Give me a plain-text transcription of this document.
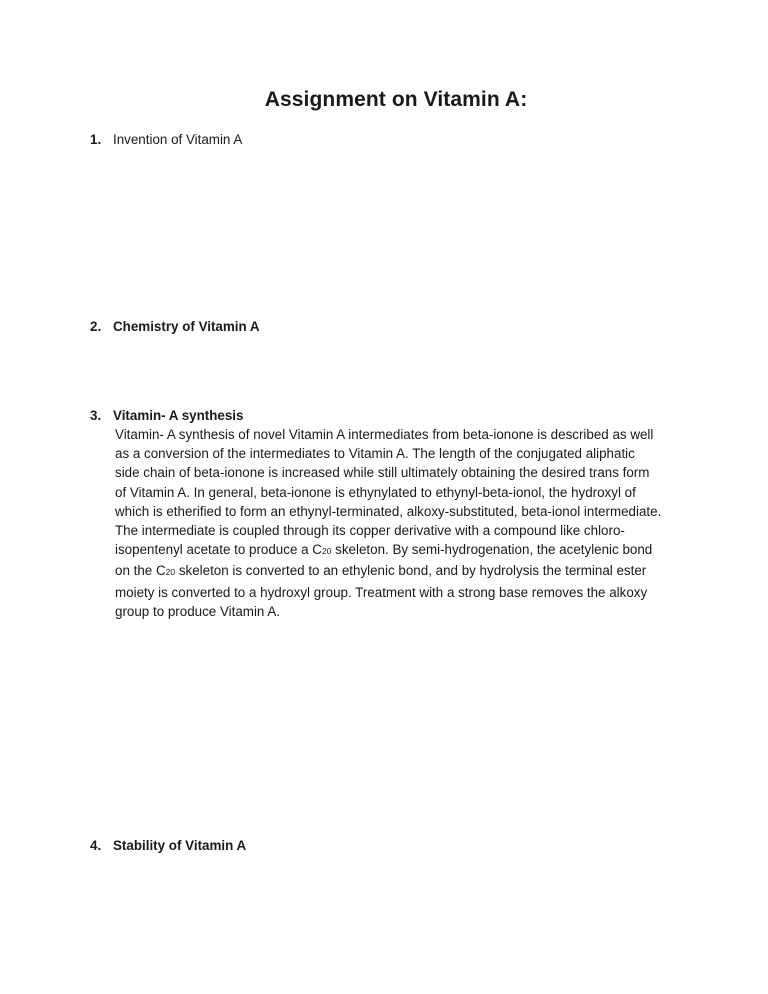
Assignment on Vitamin A:
1. Invention of Vitamin A
2. Chemistry of Vitamin A
3. Vitamin- A synthesis
Vitamin- A synthesis of novel Vitamin A intermediates from beta-ionone is described as well
as a conversion of the intermediates to Vitamin A. The length of the conjugated aliphatic
side chain of beta-ionone is increased while still ultimately obtaining the desired trans form
of Vitamin A. In general, beta-ionone is ethynylated to ethynyl-beta-ionol, the hydroxyl of
which is etherified to form an ethynyl-terminated, alkoxy-substituted, beta-ionol intermediate.
The intermediate is coupled through its copper derivative with a compound like chloro-
isopentenyl acetate to produce a C20 skeleton. By semi-hydrogenation, the acetylenic bond
on the C20 skeleton is converted to an ethylenic bond, and by hydrolysis the terminal ester
moiety is converted to a hydroxyl group. Treatment with a strong base removes the alkoxy
group to produce Vitamin A.
4. Stability of Vitamin A
